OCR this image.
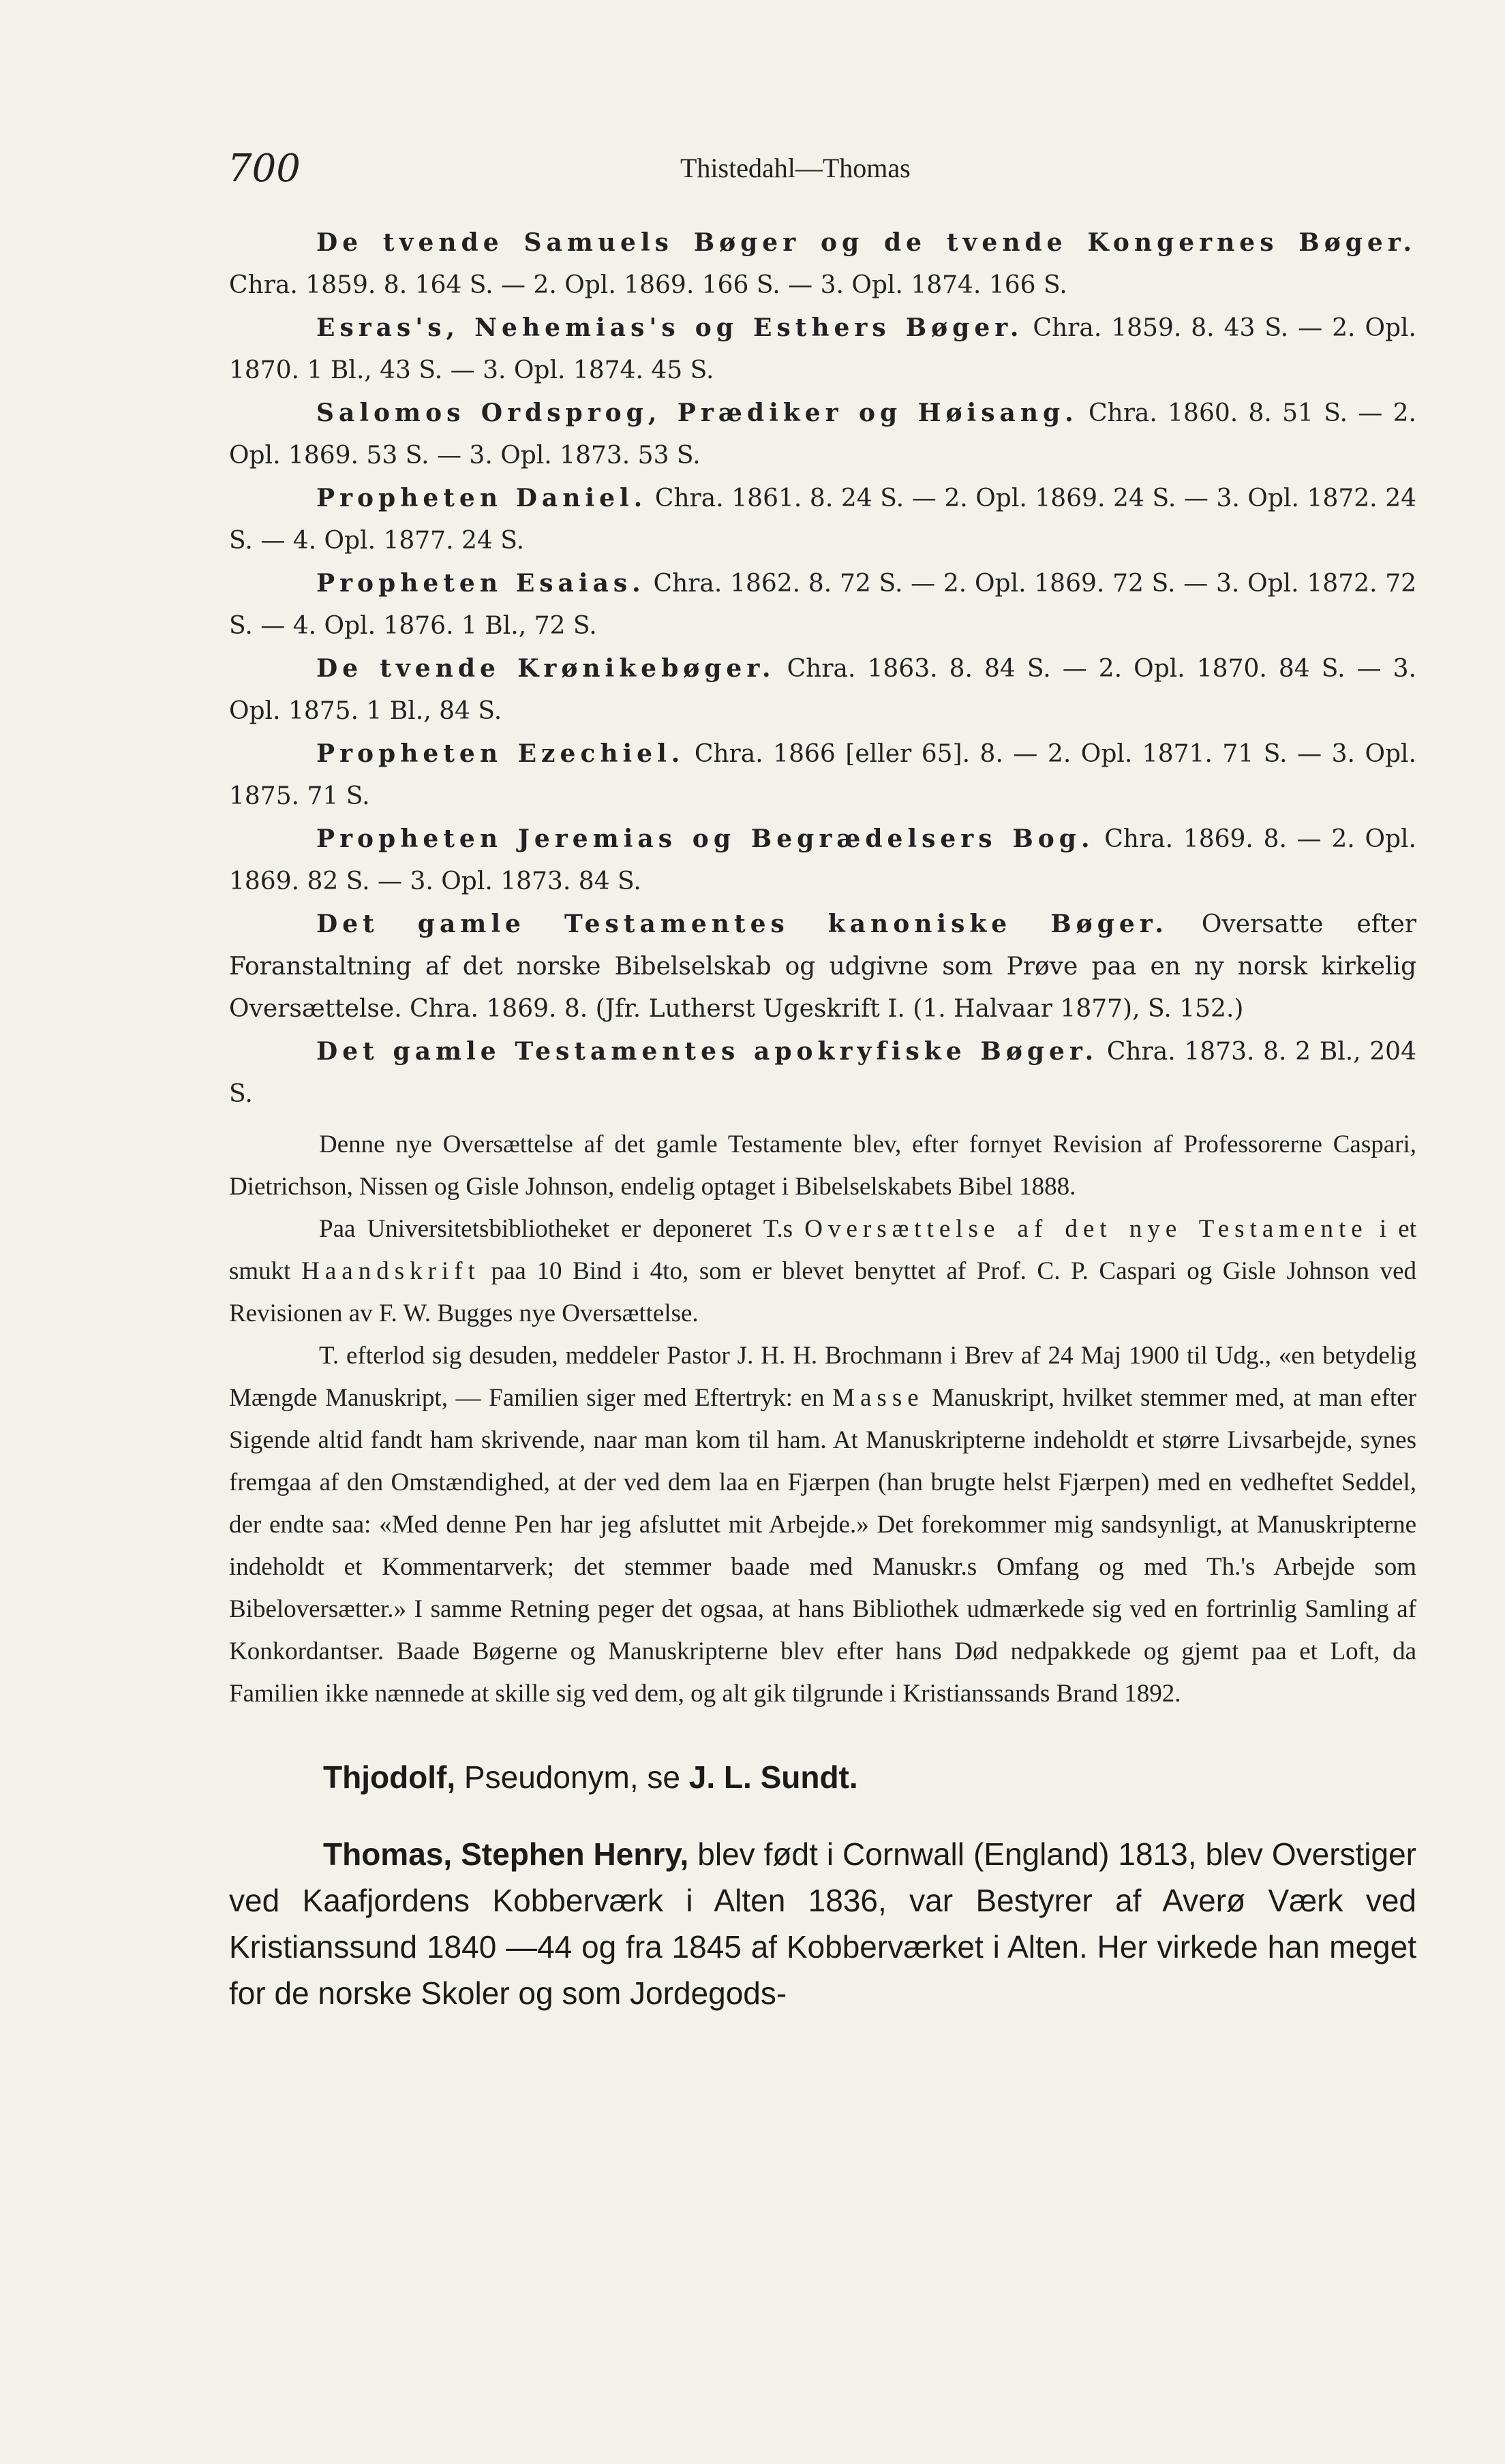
700	Thistedahl—Thomas

De tvende Samuels Bøger og de tvende Kongernes Bøger. Chra. 1859. 8. 164 S. — 2. Opl. 1869. 166 S. — 3. Opl. 1874. 166 S.

Esras's, Nehemias's og Esthers Bøger. Chra. 1859. 8. 43 S. — 2. Opl. 1870. 1 Bl., 43 S. — 3. Opl. 1874. 45 S.

Salomos Ordsprog, Prædiker og Høisang. Chra. 1860. 8. 51 S. — 2. Opl. 1869. 53 S. — 3. Opl. 1873. 53 S.

Propheten Daniel. Chra. 1861. 8. 24 S. — 2. Opl. 1869. 24 S. — 3. Opl. 1872. 24 S. — 4. Opl. 1877. 24 S.

Propheten Esaias. Chra. 1862. 8. 72 S. — 2. Opl. 1869. 72 S. — 3. Opl. 1872. 72 S. — 4. Opl. 1876. 1 Bl., 72 S.

De tvende Krønikebøger. Chra. 1863. 8. 84 S. — 2. Opl. 1870. 84 S. — 3. Opl. 1875. 1 Bl., 84 S.

Propheten Ezechiel. Chra. 1866 [eller 65]. 8. — 2. Opl. 1871. 71 S. — 3. Opl. 1875. 71 S.

Propheten Jeremias og Begrædelsers Bog. Chra. 1869. 8. — 2. Opl. 1869. 82 S. — 3. Opl. 1873. 84 S.

Det gamle Testamentes kanoniske Bøger. Oversatte efter Foranstaltning af det norske Bibelselskab og udgivne som Prøve paa en ny norsk kirkelig Oversættelse. Chra. 1869. 8. (Jfr. Lutherst Ugeskrift I. (1. Halvaar 1877), S. 152.)

Det gamle Testamentes apokryfiske Bøger. Chra. 1873. 8. 2 Bl., 204 S.

Denne nye Oversættelse af det gamle Testamente blev, efter fornyet Revision af Professorerne Caspari, Dietrichson, Nissen og Gisle Johnson, endelig optaget i Bibelselskabets Bibel 1888.

Paa Universitetsbibliotheket er deponeret T.s Oversættelse af det nye Testamente i et smukt Haandskrift paa 10 Bind i 4to, som er blevet benyttet af Prof. C. P. Caspari og Gisle Johnson ved Revisionen av F. W. Bugges nye Oversættelse.

T. efterlod sig desuden, meddeler Pastor J. H. H. Brochmann i Brev af 24 Maj 1900 til Udg., «en betydelig Mængde Manuskript, — Familien siger med Eftertryk: en Masse Manuskript, hvilket stemmer med, at man efter Sigende altid fandt ham skrivende, naar man kom til ham. At Manuskripterne indeholdt et større Livsarbejde, synes fremgaa af den Omstændighed, at der ved dem laa en Fjærpen (han brugte helst Fjærpen) med en vedheftet Seddel, der endte saa: «Med denne Pen har jeg afsluttet mit Arbejde.» Det forekommer mig sandsynligt, at Manuskripterne indeholdt et Kommentarverk; det stemmer baade med Manuskr.s Omfang og med Th.'s Arbejde som Bibeloversætter.» I samme Retning peger det ogsaa, at hans Bibliothek udmærkede sig ved en fortrinlig Samling af Konkordantser. Baade Bøgerne og Manuskripterne blev efter hans Død nedpakkede og gjemt paa et Loft, da Familien ikke nænnede at skille sig ved dem, og alt gik tilgrunde i Kristianssands Brand 1892.

Thjodolf, Pseudonym, se J. L. Sundt.
Thomas, Stephen Henry, blev født i Cornwall (England) 1813, blev Overstiger ved Kaafjordens Kobberværk i Alten 1836, var Bestyrer af Averø Værk ved Kristianssund 1840 —44 og fra 1845 af Kobberværket i Alten. Her virkede han meget for de norske Skoler og som Jordegods-
